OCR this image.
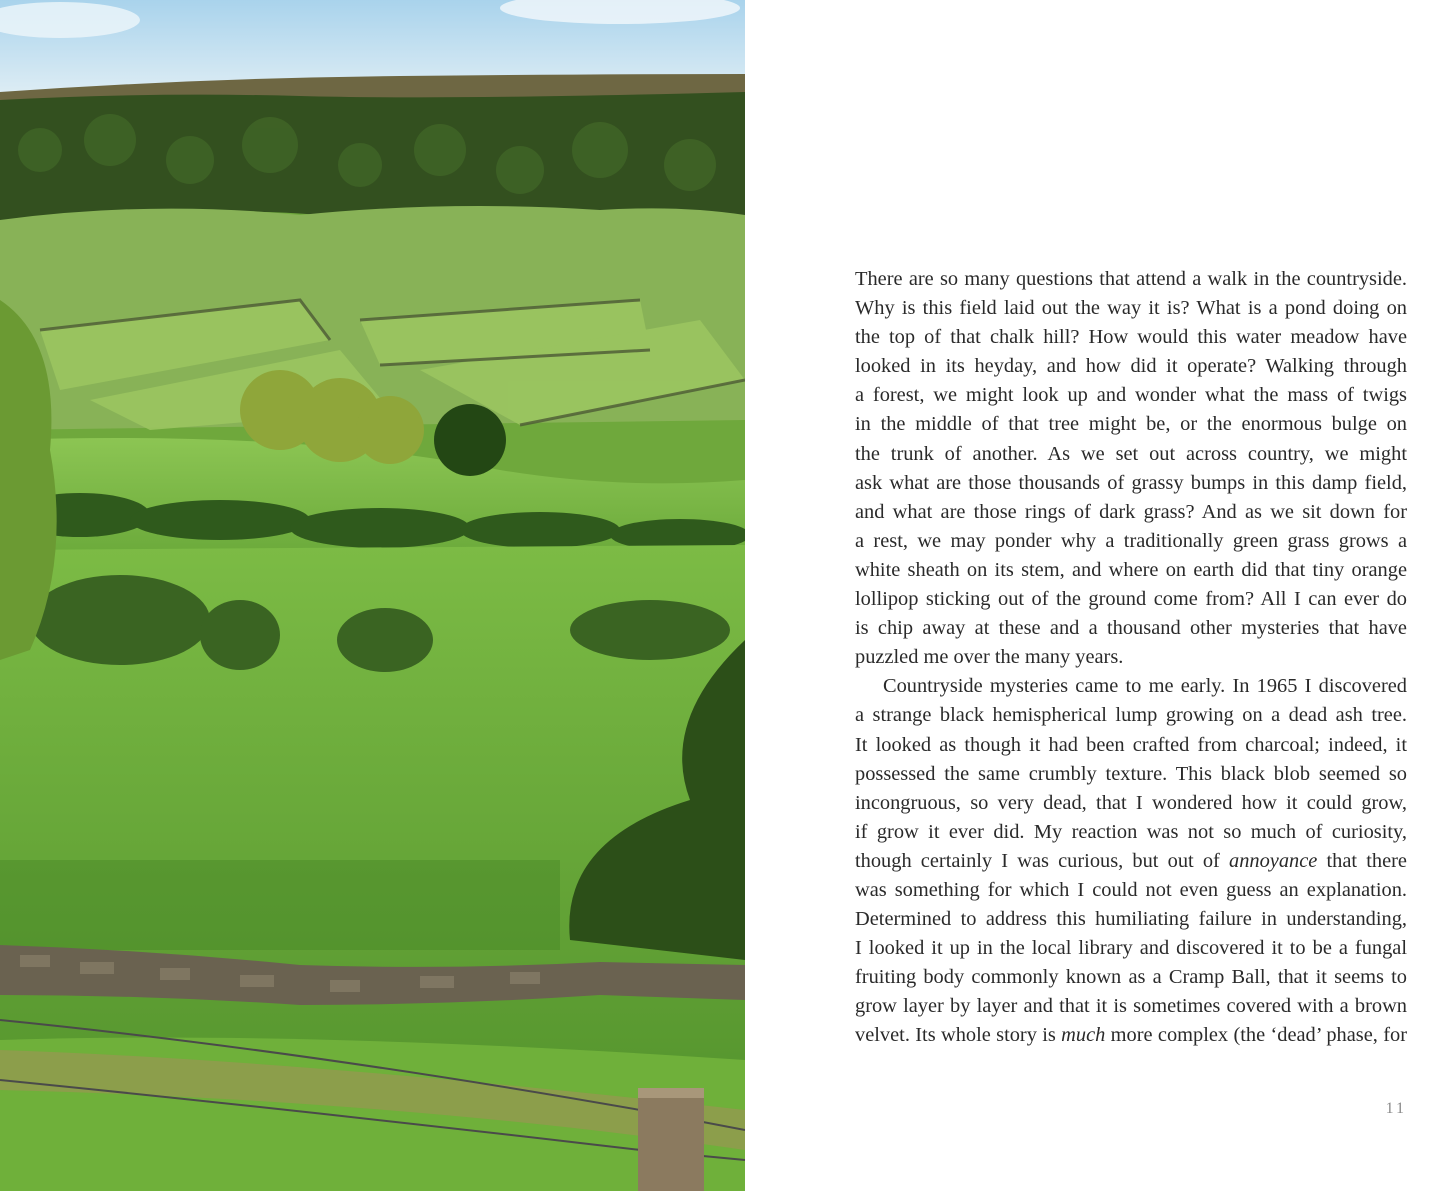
There are so many questions that attend a walk in the countryside.
Why is this field laid out the way it is? What is a pond doing on
the top of that chalk hill? How would this water meadow have
looked in its heyday, and how did it operate? Walking through
a forest, we might look up and wonder what the mass of twigs
in the middle of that tree might be, or the enormous bulge on
the trunk of another. As we set out across country, we might
ask what are those thousands of grassy bumps in this damp field,
and what are those rings of dark grass? And as we sit down for
a rest, we may ponder why a traditionally green grass grows a
white sheath on its stem, and where on earth did that tiny orange
lollipop sticking out of the ground come from? All I can ever do
is chip away at these and a thousand other mysteries that have
puzzled me over the many years.
Countryside mysteries came to me early. In 1965 I discovered
a strange black hemispherical lump growing on a dead ash tree.
It looked as though it had been crafted from charcoal; indeed, it
possessed the same crumbly texture. This black blob seemed so
incongruous, so very dead, that I wondered how it could grow,
if grow it ever did. My reaction was not so much of curiosity,
though certainly I was curious, but out of annoyance that there
was something for which I could not even guess an explanation.
Determined to address this humiliating failure in understanding,
I looked it up in the local library and discovered it to be a fungal
fruiting body commonly known as a Cramp Ball, that it seems to
grow layer by layer and that it is sometimes covered with a brown
velvet. Its whole story is much more complex (the ‘dead’ phase, for
11
